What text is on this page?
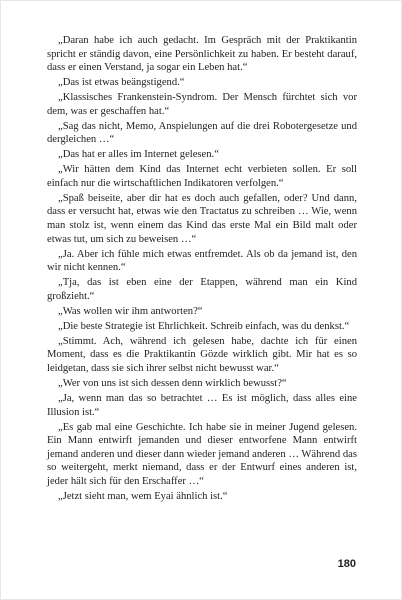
„Daran habe ich auch gedacht. Im Gespräch mit der Praktikantin spricht er ständig davon, eine Persönlichkeit zu haben. Er besteht darauf, dass er einen Verstand, ja sogar ein Leben hat.“

„Das ist etwas beängstigend.“

„Klassisches Frankenstein-Syndrom. Der Mensch fürchtet sich vor dem, was er geschaffen hat.“

„Sag das nicht, Memo, Anspielungen auf die drei Robotergesetze und dergleichen …“

„Das hat er alles im Internet gelesen.“

„Wir hätten dem Kind das Internet echt verbieten sollen. Er soll einfach nur die wirtschaftlichen Indikatoren verfolgen.“

„Spaß beiseite, aber dir hat es doch auch gefallen, oder? Und dann, dass er versucht hat, etwas wie den Tractatus zu schreiben … Wie, wenn man stolz ist, wenn einem das Kind das erste Mal ein Bild malt oder etwas tut, um sich zu beweisen …“

„Ja. Aber ich fühle mich etwas entfremdet. Als ob da jemand ist, den wir nicht kennen.“

„Tja, das ist eben eine der Etappen, während man ein Kind großzieht.“

„Was wollen wir ihm antworten?“

„Die beste Strategie ist Ehrlichkeit. Schreib einfach, was du denkst.“

„Stimmt. Ach, während ich gelesen habe, dachte ich für einen Moment, dass es die Praktikantin Gözde wirklich gibt. Mir hat es so leidgetan, dass sie sich ihrer selbst nicht bewusst war.“

„Wer von uns ist sich dessen denn wirklich bewusst?“

„Ja, wenn man das so betrachtet … Es ist möglich, dass alles eine Illusion ist.“

„Es gab mal eine Geschichte. Ich habe sie in meiner Jugend gelesen. Ein Mann entwirft jemanden und dieser entworfene Mann entwirft jemand anderen und dieser dann wieder jemand anderen … Während das so weitergeht, merkt niemand, dass er der Entwurf eines anderen ist, jeder hält sich für den Erschaffer …“

„Jetzt sieht man, wem Eyai ähnlich ist.“

180
